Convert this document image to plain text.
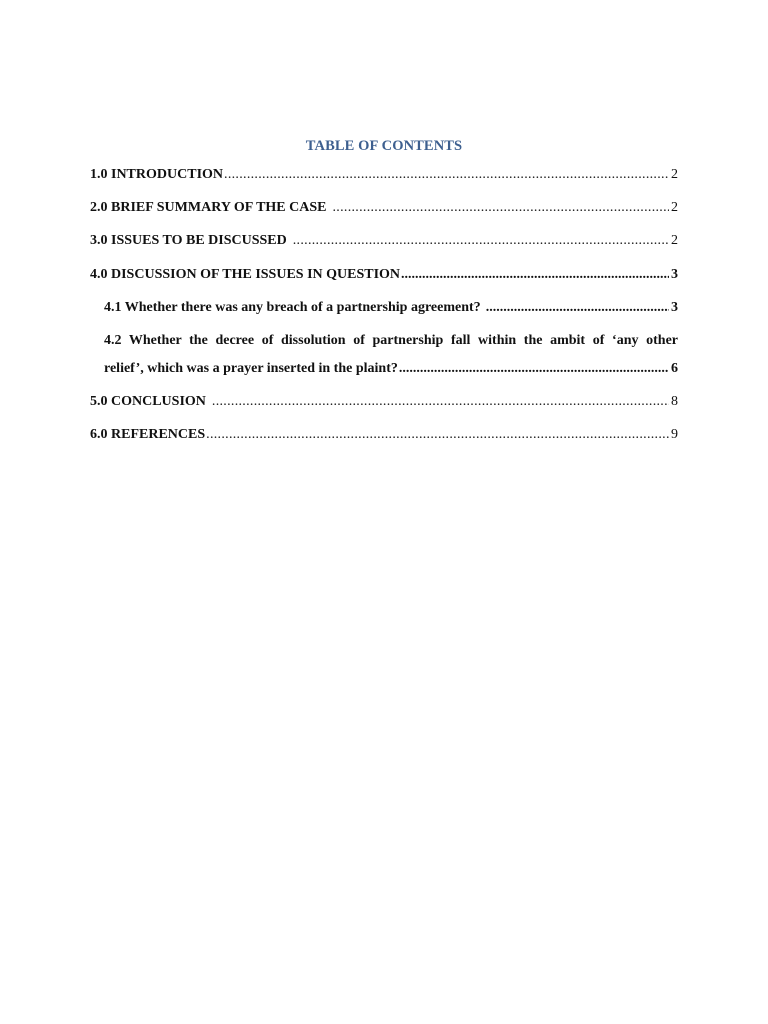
TABLE OF CONTENTS
1.0 INTRODUCTION .....	2
2.0 BRIEF SUMMARY OF THE CASE .....	2
3.0 ISSUES TO BE DISCUSSED .....	2
4.0 DISCUSSION OF THE ISSUES IN QUESTION .....	3
4.1 Whether there was any breach of a partnership agreement? .....	3
4.2 Whether the decree of dissolution of partnership fall within the ambit of ‘any other
relief’, which was a prayer inserted in the plaint? .....	6
5.0 CONCLUSION .....	8
6.0 REFERENCES .....	9
